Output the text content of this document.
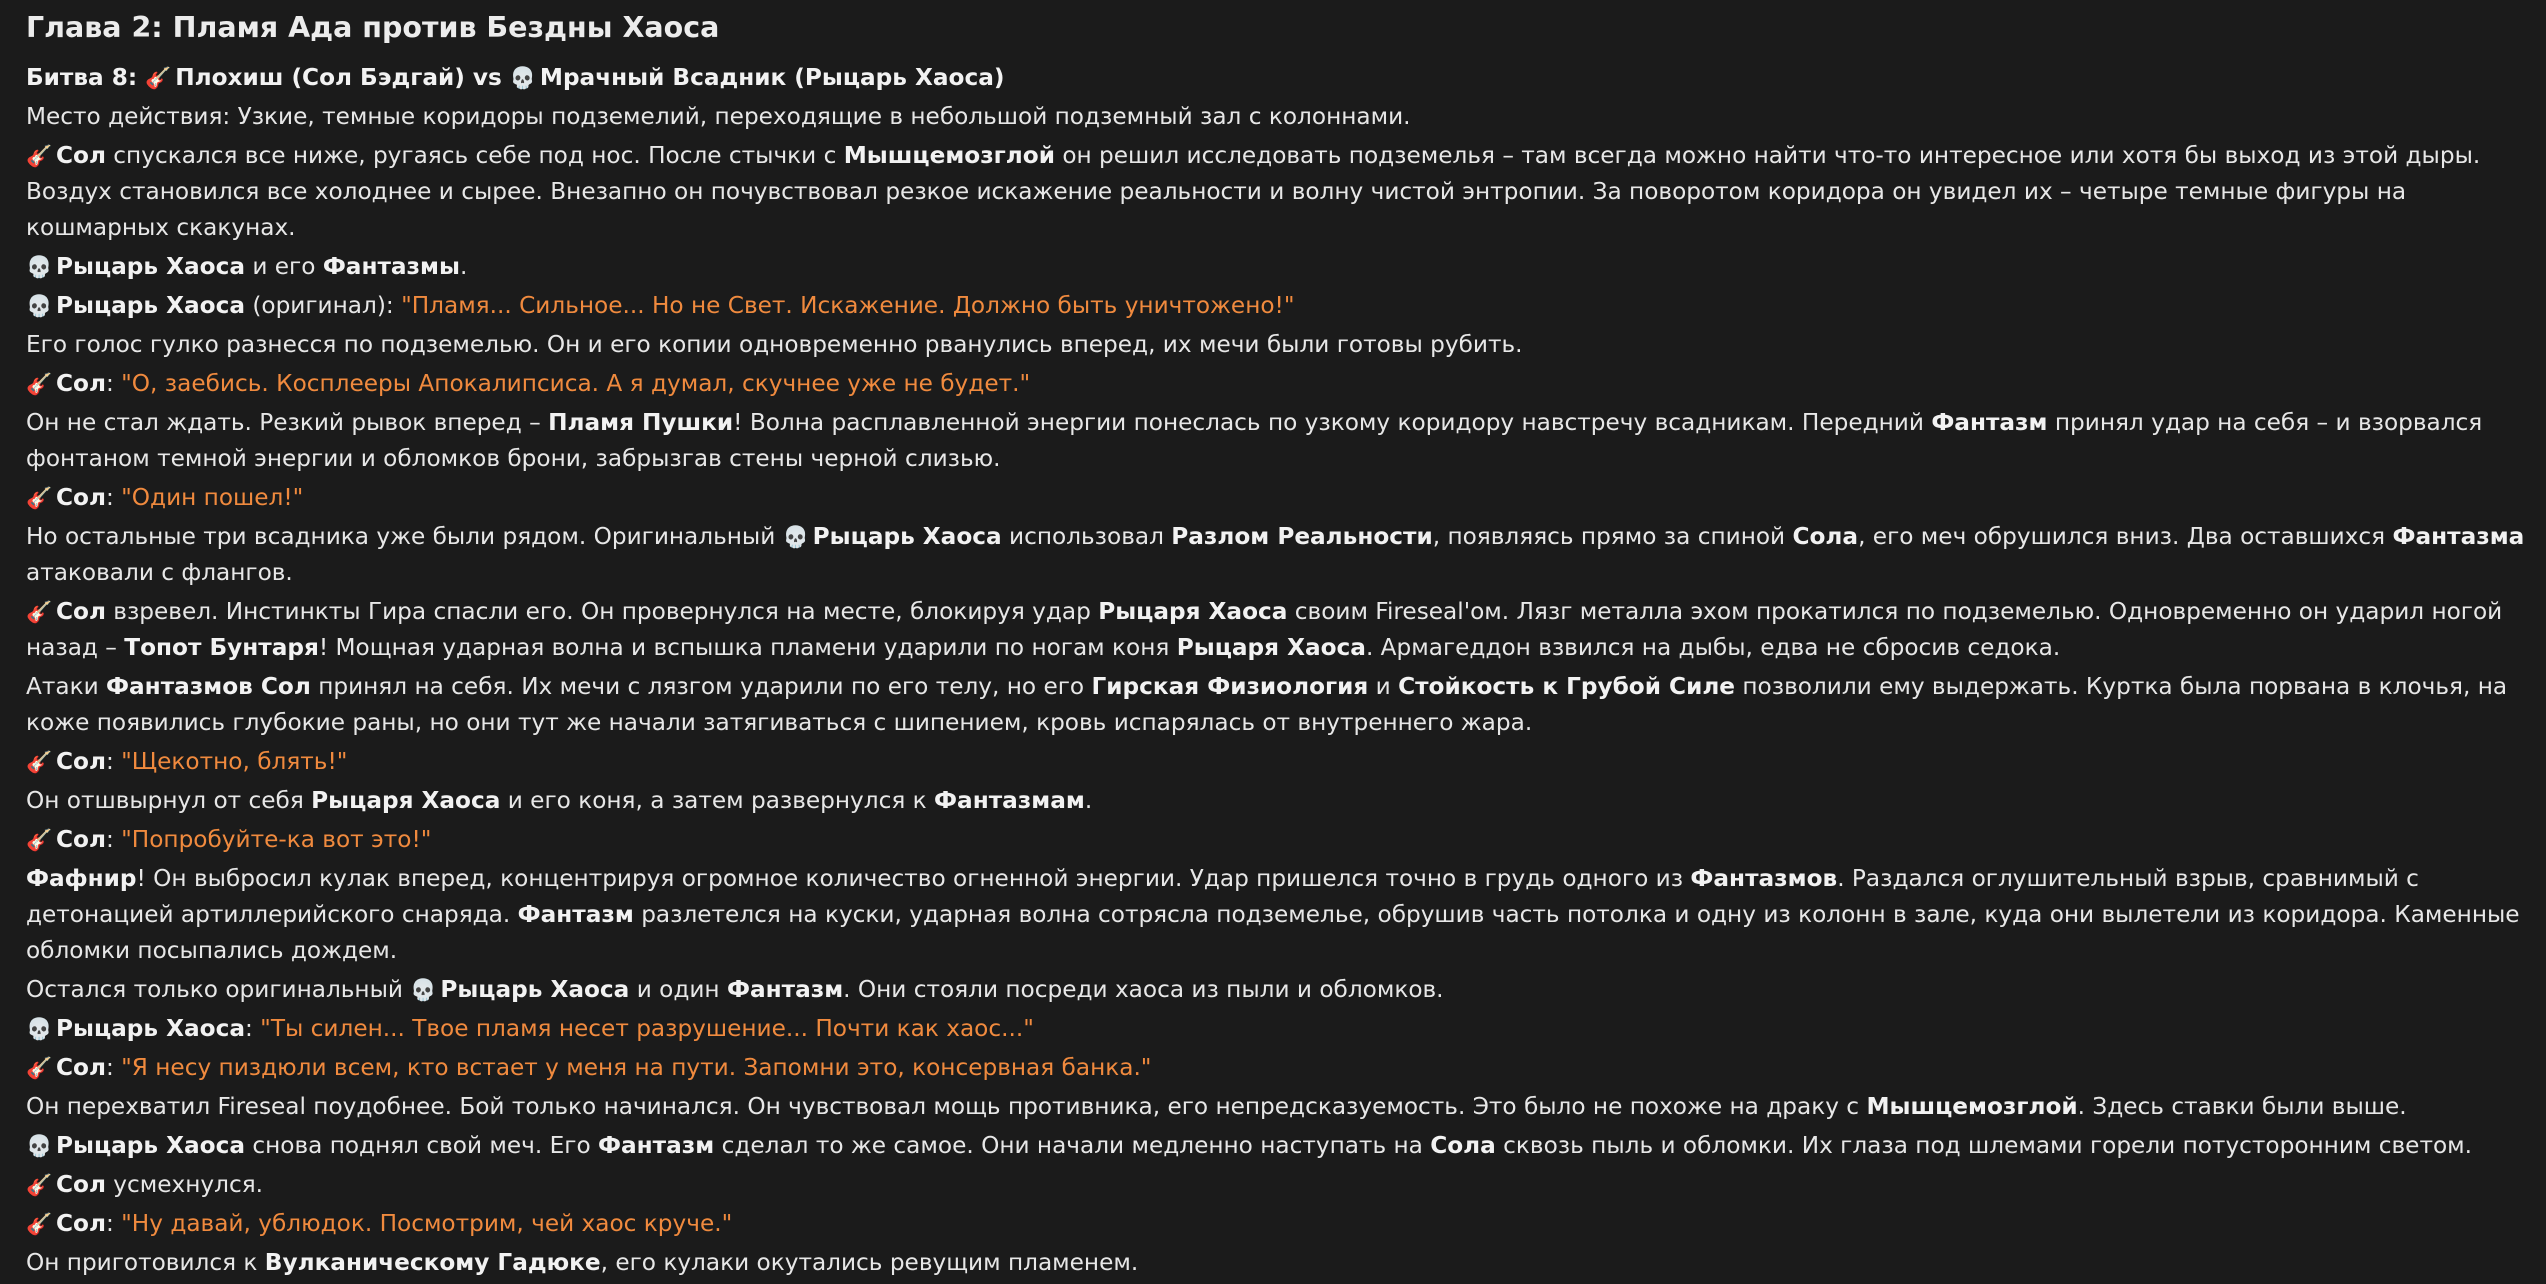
Глава 2: Пламя Ада против Бездны Хаоса
Битва 8: 🎸 Плохиш (Сол Бэдгай) vs 💀 Мрачный Всадник (Рыцарь Хаоса)
Место действия: Узкие, темные коридоры подземелий, переходящие в небольшой подземный зал с колоннами.
🎸 Сол спускался все ниже, ругаясь себе под нос. После стычки с Мышцемозглой он решил исследовать подземелья – там всегда можно найти что-то интересное или хотя бы выход из этой дыры. Воздух становился все холоднее и сырее. Внезапно он почувствовал резкое искажение реальности и волну чистой энтропии. За поворотом коридора он увидел их – четыре темные фигуры на кошмарных скакунах.
💀 Рыцарь Хаоса и его Фантазмы.
💀 Рыцарь Хаоса (оригинал): "Пламя... Сильное... Но не Свет. Искажение. Должно быть уничтожено!"
Его голос гулко разнесся по подземелью. Он и его копии одновременно рванулись вперед, их мечи были готовы рубить.
🎸 Сол: "О, заебись. Косплееры Апокалипсиса. А я думал, скучнее уже не будет."
Он не стал ждать. Резкий рывок вперед – Пламя Пушки! Волна расплавленной энергии понеслась по узкому коридору навстречу всадникам. Передний Фантазм принял удар на себя – и взорвался фонтаном темной энергии и обломков брони, забрызгав стены черной слизью.
🎸 Сол: "Один пошел!"
Но остальные три всадника уже были рядом. Оригинальный 💀 Рыцарь Хаоса использовал Разлом Реальности, появляясь прямо за спиной Сола, его меч обрушился вниз. Два оставшихся Фантазма атаковали с флангов.
🎸 Сол взревел. Инстинкты Гира спасли его. Он провернулся на месте, блокируя удар Рыцаря Хаоса своим Fireseal'ом. Лязг металла эхом прокатился по подземелью. Одновременно он ударил ногой назад – Топот Бунтаря! Мощная ударная волна и вспышка пламени ударили по ногам коня Рыцаря Хаоса. Армагеддон взвился на дыбы, едва не сбросив седока.
Атаки Фантазмов Сол принял на себя. Их мечи с лязгом ударили по его телу, но его Гирская Физиология и Стойкость к Грубой Силе позволили ему выдержать. Куртка была порвана в клочья, на коже появились глубокие раны, но они тут же начали затягиваться с шипением, кровь испарялась от внутреннего жара.
🎸 Сол: "Щекотно, блять!"
Он отшвырнул от себя Рыцаря Хаоса и его коня, а затем развернулся к Фантазмам.
🎸 Сол: "Попробуйте-ка вот это!"
Фафнир! Он выбросил кулак вперед, концентрируя огромное количество огненной энергии. Удар пришелся точно в грудь одного из Фантазмов. Раздался оглушительный взрыв, сравнимый с детонацией артиллерийского снаряда. Фантазм разлетелся на куски, ударная волна сотрясла подземелье, обрушив часть потолка и одну из колонн в зале, куда они вылетели из коридора. Каменные обломки посыпались дождем.
Остался только оригинальный 💀 Рыцарь Хаоса и один Фантазм. Они стояли посреди хаоса из пыли и обломков.
💀 Рыцарь Хаоса: "Ты силен... Твое пламя несет разрушение... Почти как хаос..."
🎸 Сол: "Я несу пиздюли всем, кто встает у меня на пути. Запомни это, консервная банка."
Он перехватил Fireseal поудобнее. Бой только начинался. Он чувствовал мощь противника, его непредсказуемость. Это было не похоже на драку с Мышцемозглой. Здесь ставки были выше.
💀 Рыцарь Хаоса снова поднял свой меч. Его Фантазм сделал то же самое. Они начали медленно наступать на Сола сквозь пыль и обломки. Их глаза под шлемами горели потусторонним светом.
🎸 Сол усмехнулся.
🎸 Сол: "Ну давай, ублюдок. Посмотрим, чей хаос круче."
Он приготовился к Вулканическому Гадюке, его кулаки окутались ревущим пламенем.
